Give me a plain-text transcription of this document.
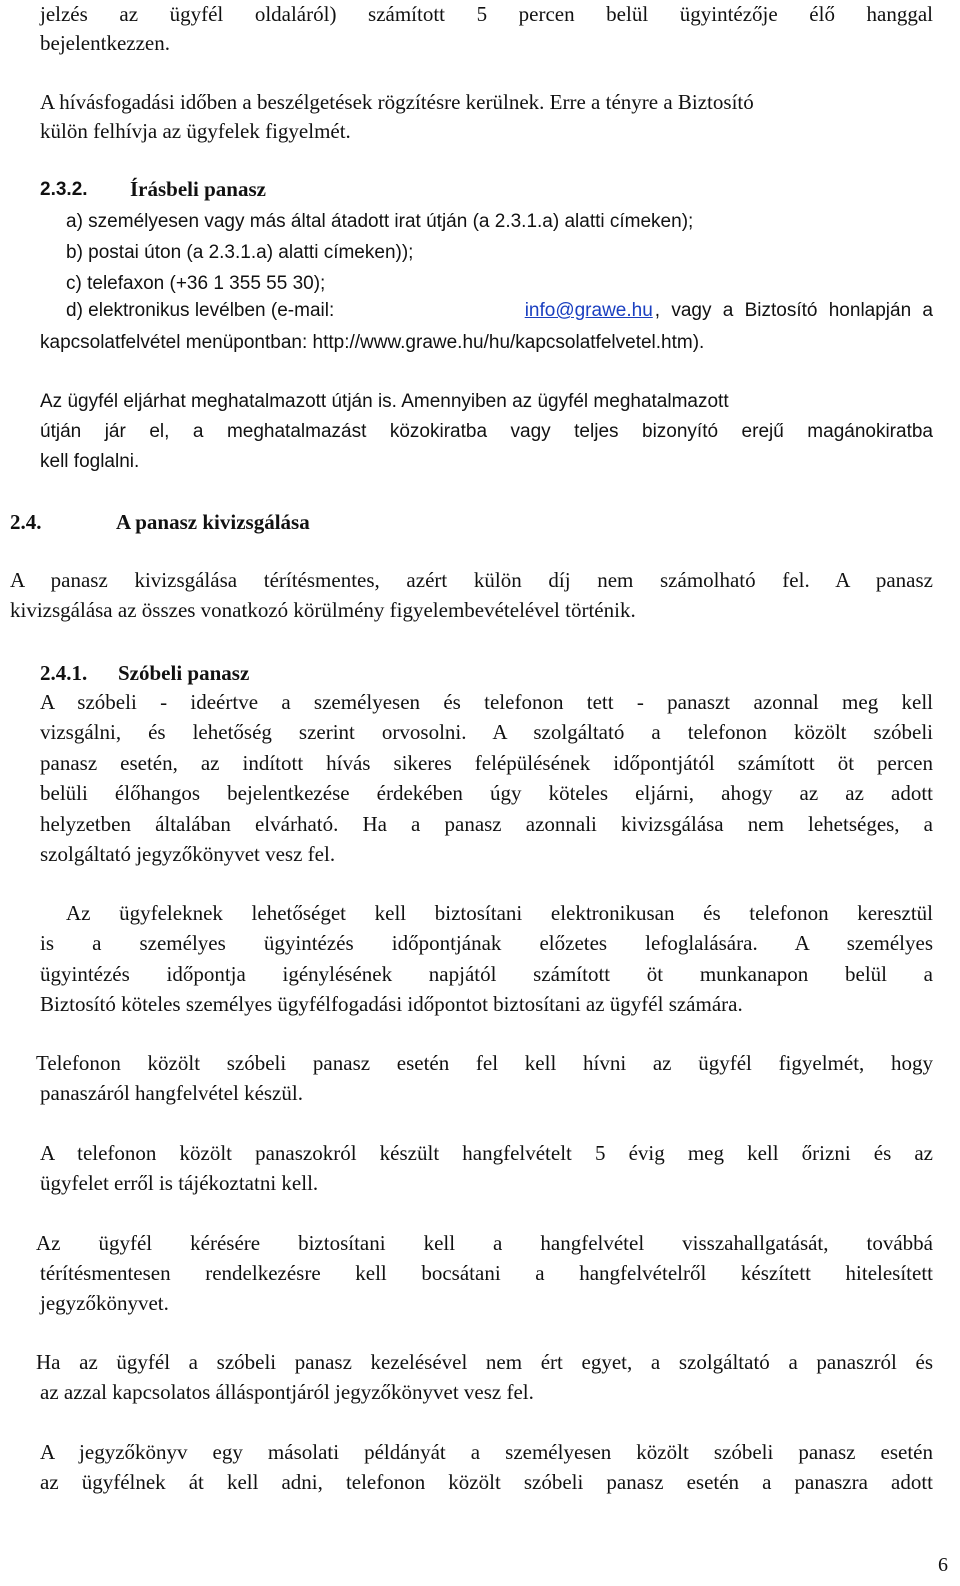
jelzés az ügyfél oldaláról) számított 5 percen belül ügyintézője élő hanggal
bejelentkezzen.
A hívásfogadási időben a beszélgetések rögzítésre kerülnek. Erre a tényre a Biztosító
külön felhívja az ügyfelek figyelmét.
2.3.2. Írásbeli panasz
a) személyesen vagy más által átadott irat útján (a 2.3.1.a) alatti címeken);
b) postai úton (a 2.3.1.a) alatti címeken));
c) telefaxon (+36 1 355 55 30);
d) elektronikus levélben (e-mail:	info@grawe.hu , vagy a Biztosító honlapján a
kapcsolatfelvétel menüpontban: http://www.grawe.hu/hu/kapcsolatfelvetel.htm).
Az ügyfél eljárhat meghatalmazott útján is. Amennyiben az ügyfél meghatalmazott
útján jár el, a meghatalmazást közokiratba vagy teljes bizonyító erejű magánokiratba
kell foglalni.
2.4.	A panasz kivizsgálása
A panasz kivizsgálása térítésmentes, azért külön díj nem számolható fel. A panasz
kivizsgálása az összes vonatkozó körülmény figyelembevételével történik.
2.4.1. Szóbeli panasz
A szóbeli - ideértve a személyesen és telefonon tett - panaszt azonnal meg kell
vizsgálni, és lehetőség szerint orvosolni. A szolgáltató a telefonon közölt szóbeli
panasz esetén, az indított hívás sikeres felépülésének időpontjától számított öt percen
belüli élőhangos bejelentkezése érdekében úgy köteles eljárni, ahogy az az adott
helyzetben általában elvárható. Ha a panasz azonnali kivizsgálása nem lehetséges, a
szolgáltató jegyzőkönyvet vesz fel.
Az ügyfeleknek lehetőséget kell biztosítani elektronikusan és telefonon keresztül
is a személyes ügyintézés időpontjának előzetes lefoglalására. A személyes
ügyintézés időpontja igénylésének napjától számított öt munkanapon belül a
Biztosító köteles személyes ügyfélfogadási időpontot biztosítani az ügyfél számára.
Telefonon közölt szóbeli panasz esetén fel kell hívni az ügyfél figyelmét, hogy
panaszáról hangfelvétel készül.
A telefonon közölt panaszokról készült hangfelvételt 5 évig meg kell őrizni és az
ügyfelet erről is tájékoztatni kell.
Az ügyfél kérésére biztosítani kell a hangfelvétel visszahallgatását, továbbá
térítésmentesen rendelkezésre kell bocsátani a hangfelvételről készített hitelesített
jegyzőkönyvet.
Ha az ügyfél a szóbeli panasz kezelésével nem ért egyet, a szolgáltató a panaszról és
az azzal kapcsolatos álláspontjáról jegyzőkönyvet vesz fel.
A jegyzőkönyv egy másolati példányát a személyesen közölt szóbeli panasz esetén
az ügyfélnek át kell adni, telefonon közölt szóbeli panasz esetén a panaszra adott
6
